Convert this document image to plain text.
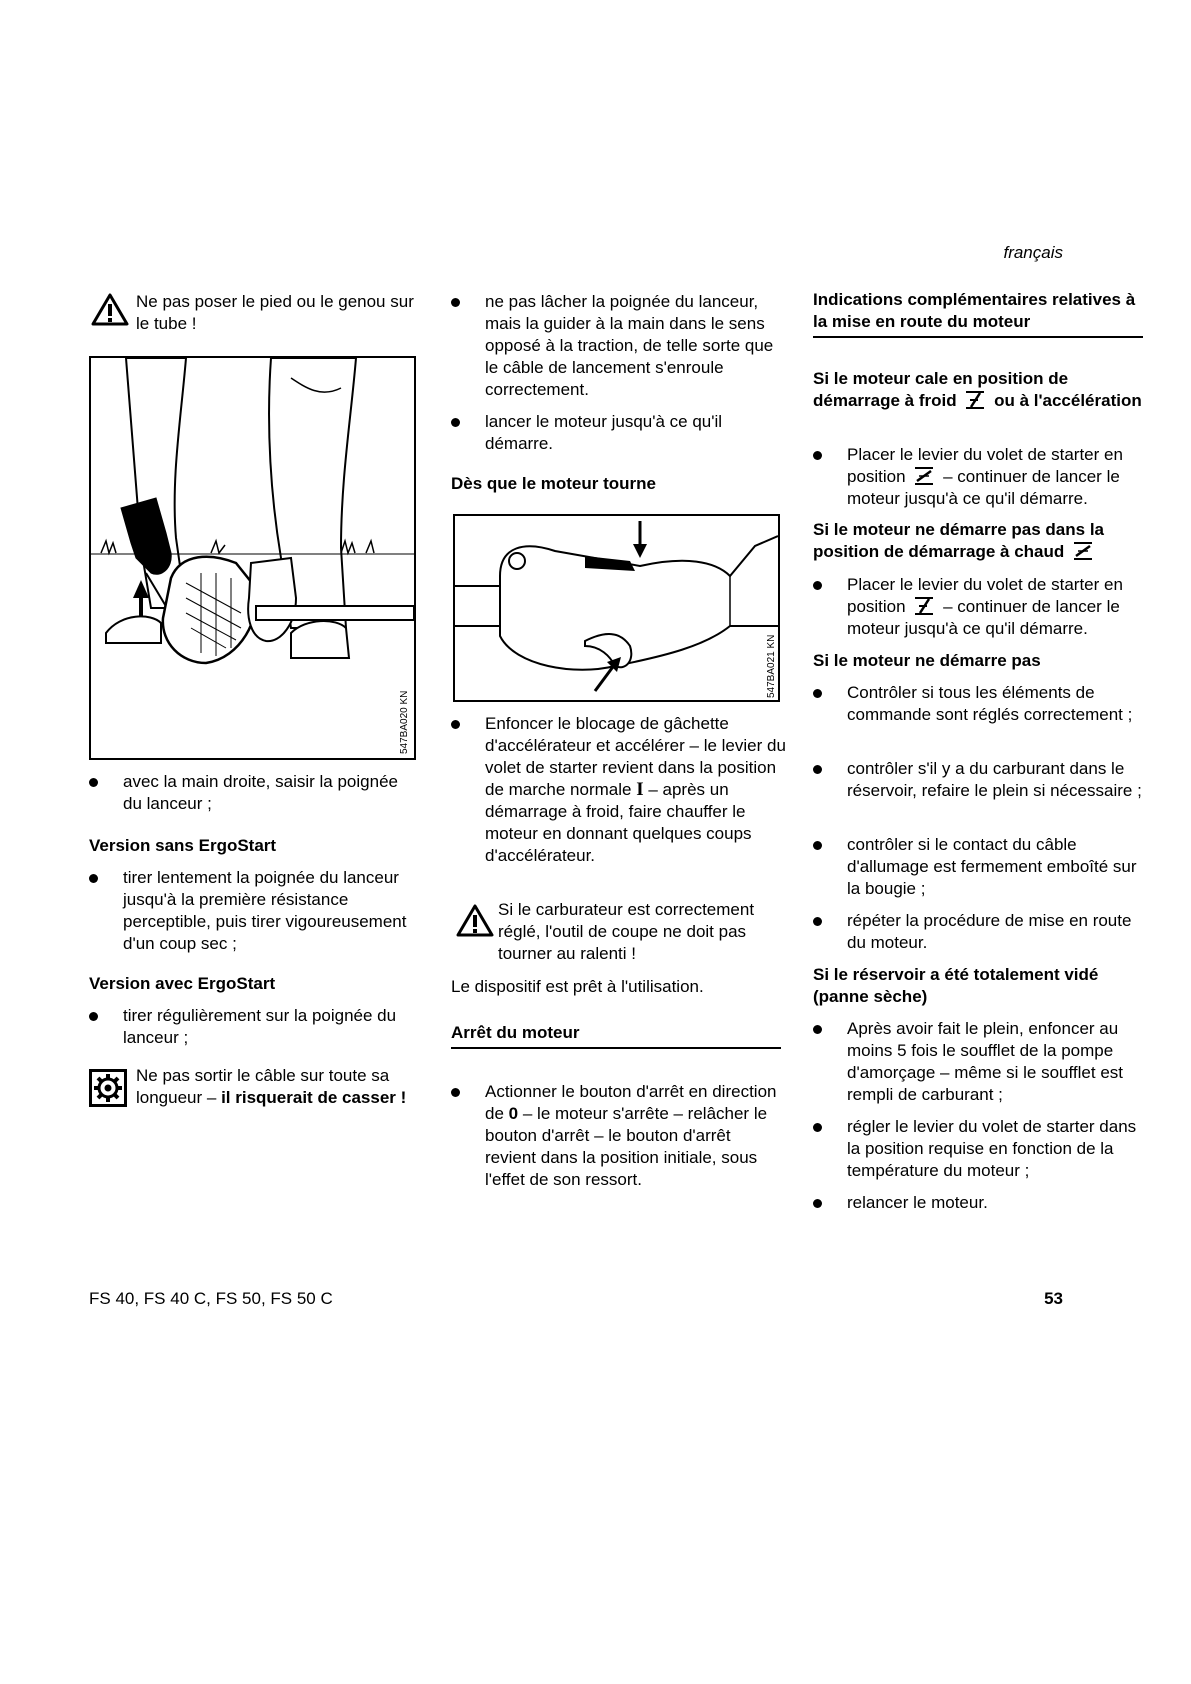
français
Ne pas poser le pied ou le genou sur le tube !
547BA020 KN
avec la main droite, saisir la poignée du lanceur ;
Version sans ErgoStart
tirer lentement la poignée du lanceur jusqu'à la première résistance perceptible, puis tirer vigoureusement d'un coup sec ;
Version avec ErgoStart
tirer régulièrement sur la poignée du lanceur ;
Ne pas sortir le câble sur toute sa longueur – il risquerait de casser !
ne pas lâcher la poignée du lanceur, mais la guider à la main dans le sens opposé à la traction, de telle sorte que le câble de lancement s'enroule correctement.
lancer le moteur jusqu'à ce qu'il démarre.
Dès que le moteur tourne
547BA021 KN
Enfoncer le blocage de gâchette d'accélérateur et accélérer – le levier du volet de starter revient dans la position de marche normale I – après un démarrage à froid, faire chauffer le moteur en donnant quelques coups d'accélérateur.
Si le carburateur est correctement réglé, l'outil de coupe ne doit pas tourner au ralenti !
Le dispositif est prêt à l'utilisation.
Arrêt du moteur
Actionner le bouton d'arrêt en direction de 0 – le moteur s'arrête – relâcher le bouton d'arrêt – le bouton d'arrêt revient dans la position initiale, sous l'effet de son ressort.
Indications complémentaires relatives à la mise en route du moteur
Si le moteur cale en position de démarrage à froid ou à l'accélération
Placer le levier du volet de starter en position – continuer de lancer le moteur jusqu'à ce qu'il démarre.
Si le moteur ne démarre pas dans la position de démarrage à chaud
Placer le levier du volet de starter en position – continuer de lancer le moteur jusqu'à ce qu'il démarre.
Si le moteur ne démarre pas
Contrôler si tous les éléments de commande sont réglés correctement ;
contrôler s'il y a du carburant dans le réservoir, refaire le plein si nécessaire ;
contrôler si le contact du câble d'allumage est fermement emboîté sur la bougie ;
répéter la procédure de mise en route du moteur.
Si le réservoir a été totalement vidé (panne sèche)
Après avoir fait le plein, enfoncer au moins 5 fois le soufflet de la pompe d'amorçage – même si le soufflet est rempli de carburant ;
régler le levier du volet de starter dans la position requise en fonction de la température du moteur ;
relancer le moteur.
FS 40, FS 40 C, FS 50, FS 50 C	53
